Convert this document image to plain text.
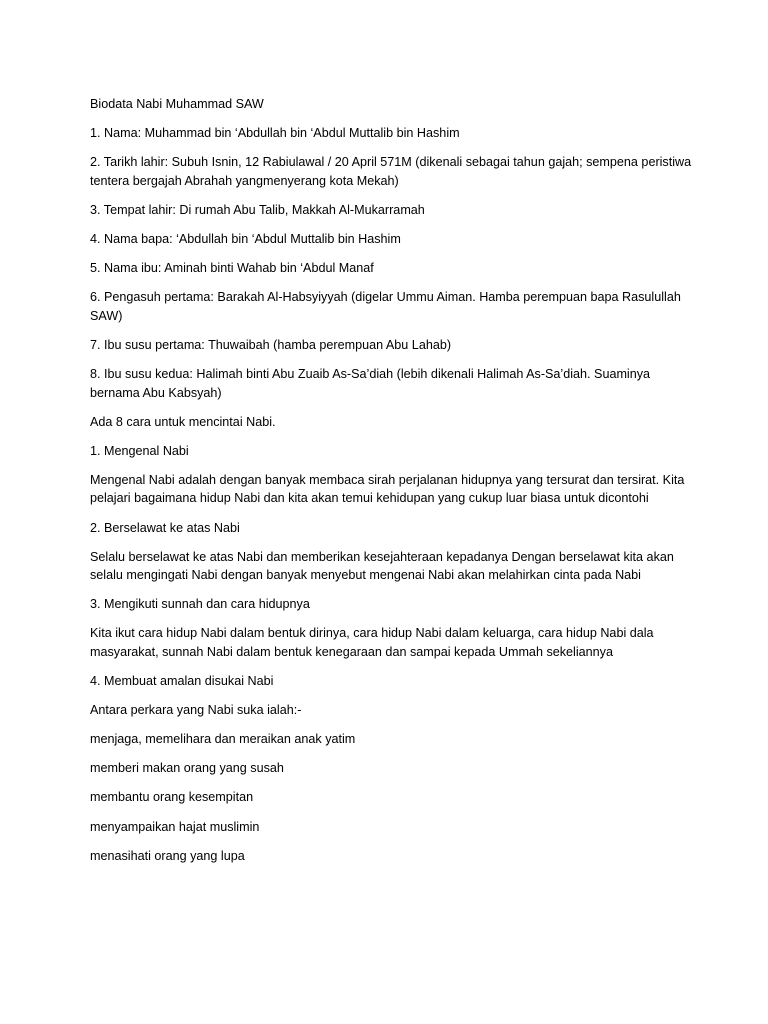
Biodata Nabi Muhammad SAW

1. Nama: Muhammad bin ‘Abdullah bin ‘Abdul Muttalib bin Hashim

2. Tarikh lahir: Subuh Isnin, 12 Rabiulawal / 20 April 571M (dikenali sebagai tahun gajah; sempena peristiwa tentera bergajah Abrahah yangmenyerang kota Mekah)

3. Tempat lahir: Di rumah Abu Talib, Makkah Al-Mukarramah

4. Nama bapa: ‘Abdullah bin ‘Abdul Muttalib bin Hashim

5. Nama ibu: Aminah binti Wahab bin ‘Abdul Manaf

6. Pengasuh pertama: Barakah Al-Habsyiyyah (digelar Ummu Aiman. Hamba perempuan bapa Rasulullah SAW)

7. Ibu susu pertama: Thuwaibah (hamba perempuan Abu Lahab)

8. Ibu susu kedua: Halimah binti Abu Zuaib As-Sa’diah (lebih dikenali Halimah As-Sa’diah. Suaminya bernama Abu Kabsyah)

Ada 8 cara untuk mencintai Nabi.

1. Mengenal Nabi

Mengenal Nabi adalah dengan banyak membaca sirah perjalanan hidupnya yang tersurat dan tersirat. Kita pelajari bagaimana hidup Nabi dan kita akan temui kehidupan yang cukup luar biasa untuk dicontohi

2. Berselawat ke atas Nabi

Selalu berselawat ke atas Nabi dan memberikan kesejahteraan kepadanya Dengan berselawat kita akan selalu mengingati Nabi dengan banyak menyebut mengenai Nabi akan melahirkan cinta pada Nabi

3. Mengikuti sunnah dan cara hidupnya

Kita ikut cara hidup Nabi dalam bentuk dirinya, cara hidup Nabi dalam keluarga, cara hidup Nabi dala masyarakat, sunnah Nabi dalam bentuk kenegaraan dan sampai kepada Ummah sekeliannya

4. Membuat amalan disukai Nabi

Antara perkara yang Nabi suka ialah:-

menjaga, memelihara dan meraikan anak yatim

memberi makan orang yang susah

membantu orang kesempitan

menyampaikan hajat muslimin

menasihati orang yang lupa
